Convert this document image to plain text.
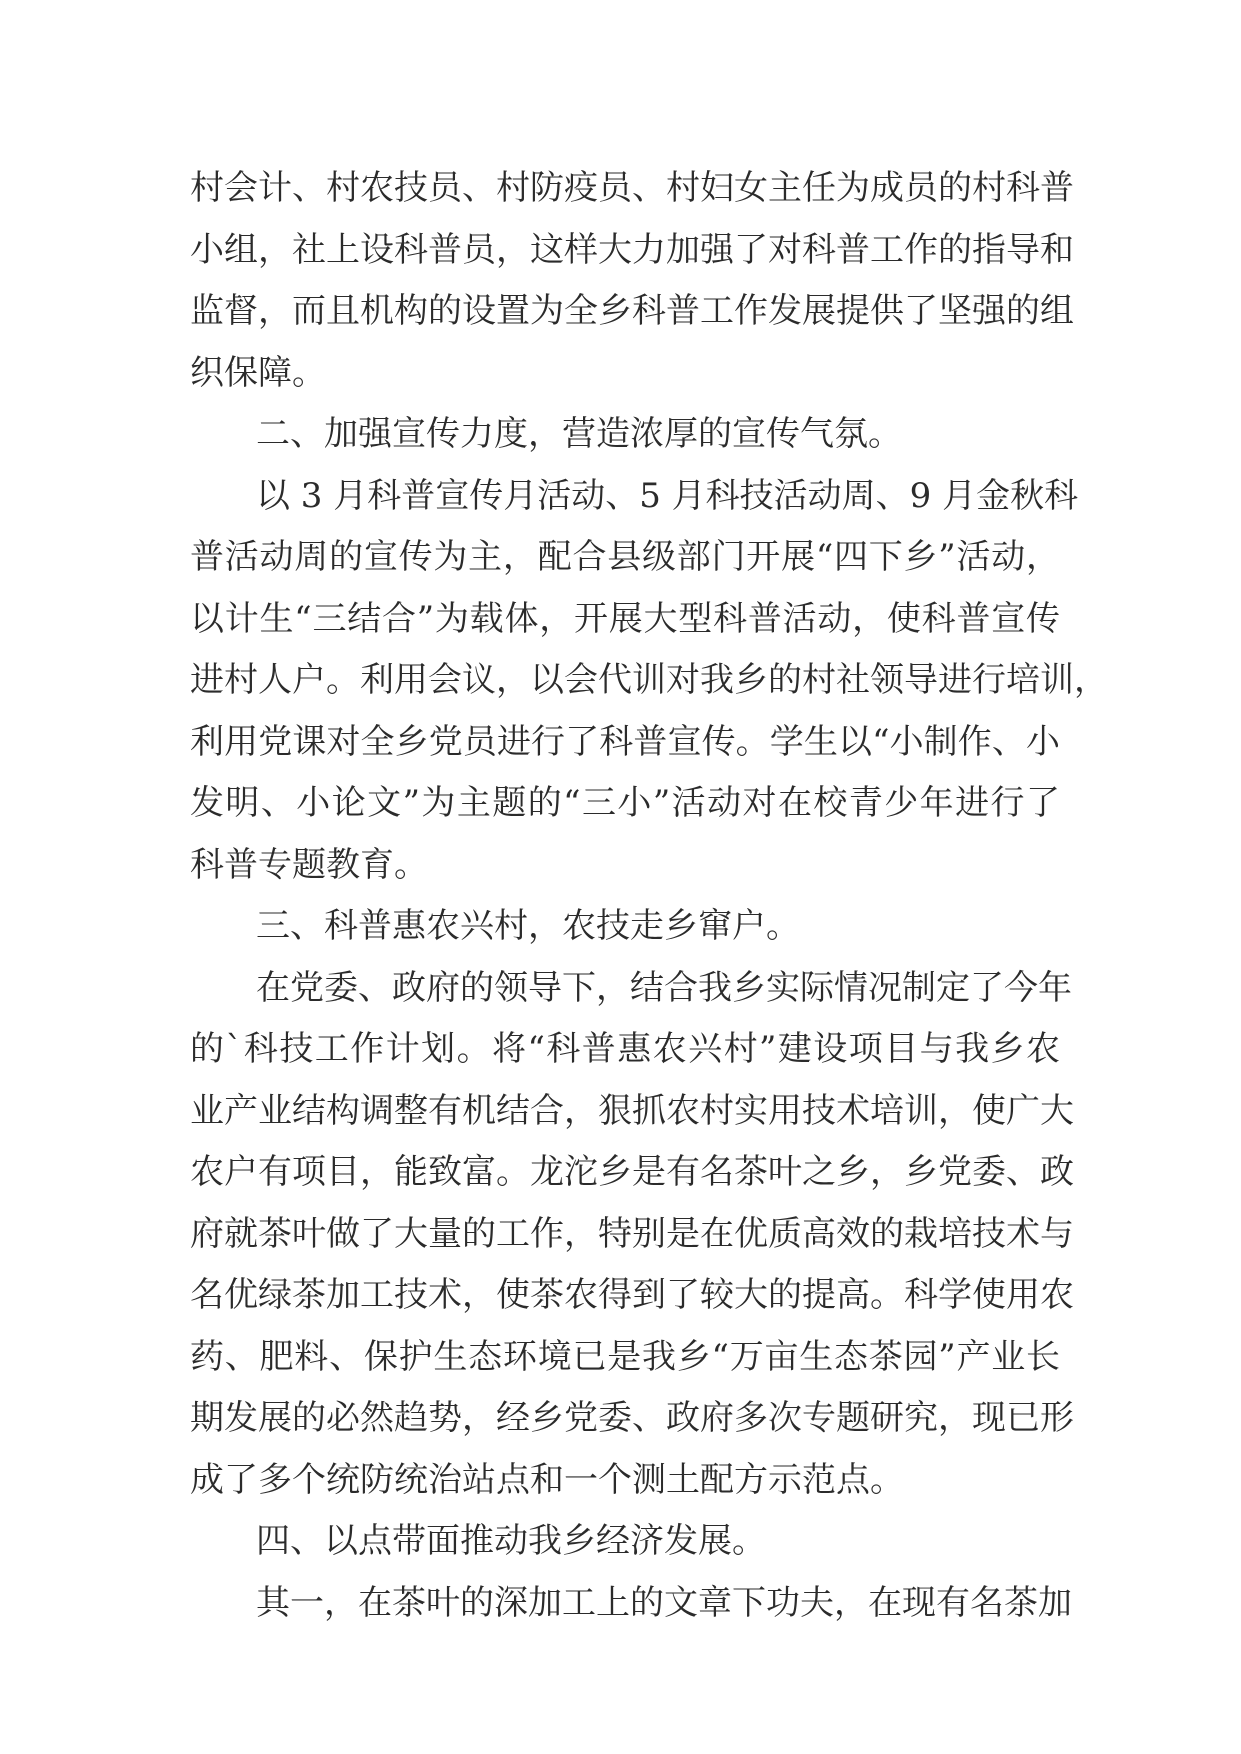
村会计、村农技员、村防疫员、村妇女主任为成员的村科普
小组，社上设科普员，这样大力加强了对科普工作的指导和
监督，而且机构的设置为全乡科普工作发展提供了坚强的组
织保障。
二、加强宣传力度，营造浓厚的宣传气氛。
以 3 月科普宣传月活动、5 月科技活动周、9 月金秋科
普活动周的宣传为主，配合县级部门开展“四下乡”活动，
以计生“三结合”为载体，开展大型科普活动，使科普宣传
进村人户。利用会议，以会代训对我乡的村社领导进行培训，
利用党课对全乡党员进行了科普宣传。学生以“小制作、小
发明、小论文”为主题的“三小”活动对在校青少年进行了
科普专题教育。
三、科普惠农兴村，农技走乡窜户。
在党委、政府的领导下，结合我乡实际情况制定了今年
的`科技工作计划。将“科普惠农兴村”建设项目与我乡农
业产业结构调整有机结合，狠抓农村实用技术培训，使广大
农户有项目，能致富。龙沱乡是有名茶叶之乡，乡党委、政
府就茶叶做了大量的工作，特别是在优质高效的栽培技术与
名优绿茶加工技术，使茶农得到了较大的提高。科学使用农
药、肥料、保护生态环境已是我乡“万亩生态茶园”产业长
期发展的必然趋势，经乡党委、政府多次专题研究，现已形
成了多个统防统治站点和一个测土配方示范点。
四、以点带面推动我乡经济发展。
其一，在茶叶的深加工上的文章下功夫，在现有名茶加
